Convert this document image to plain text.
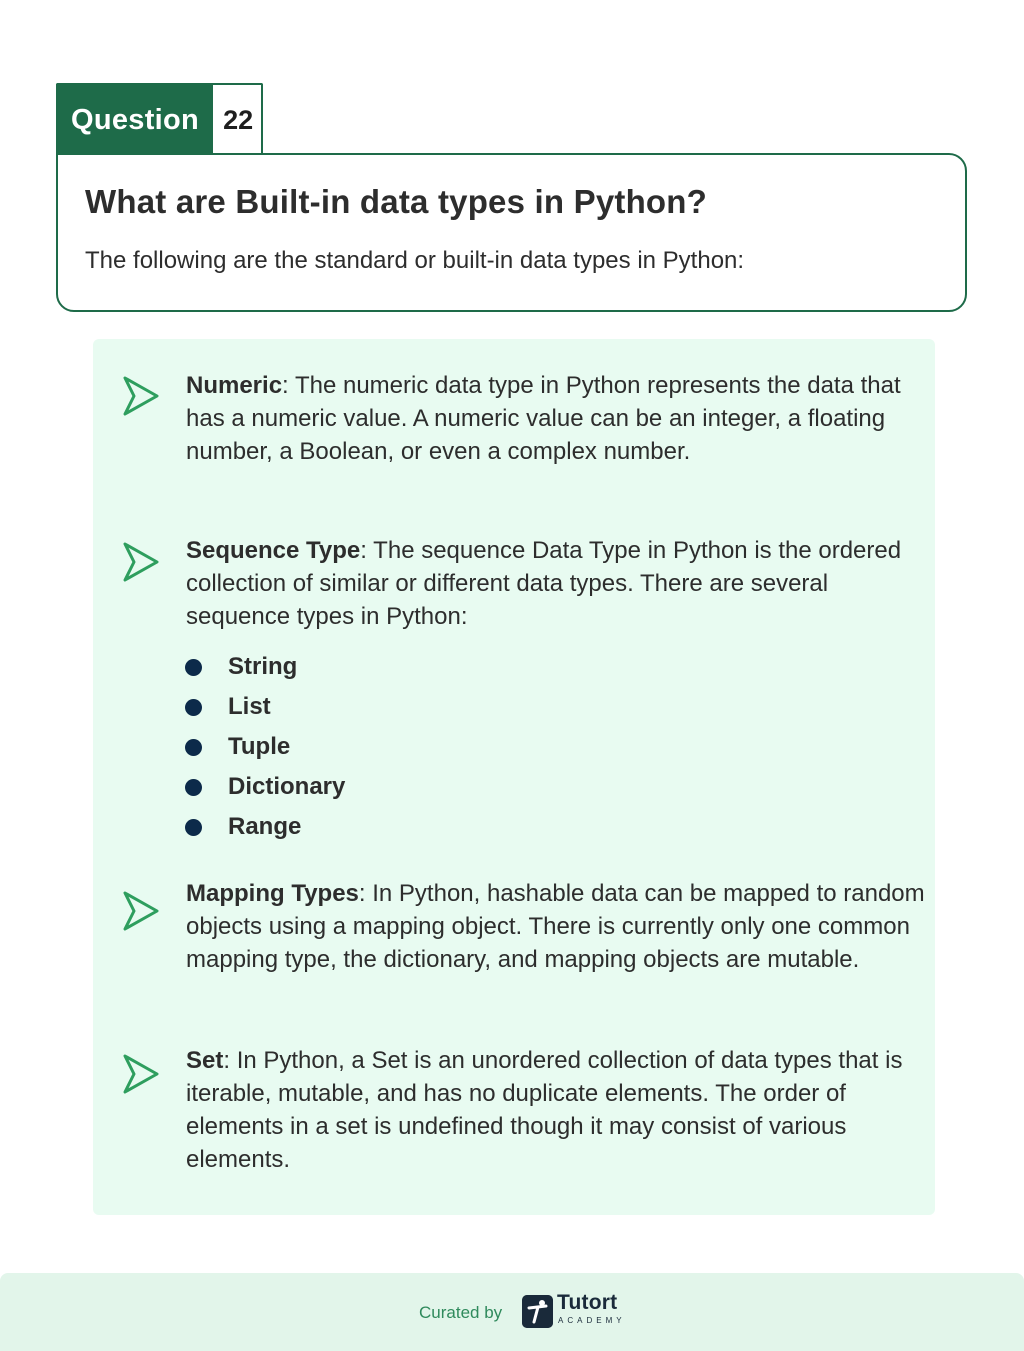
Question 22
What are Built-in data types in Python?
The following are the standard or built-in data types in Python:
Numeric: The numeric data type in Python represents the data that has a numeric value. A numeric value can be an integer, a floating number, a Boolean, or even a complex number.
Sequence Type: The sequence Data Type in Python is the ordered collection of similar or different data types. There are several sequence types in Python:
String
List
Tuple
Dictionary
Range
Mapping Types: In Python, hashable data can be mapped to random objects using a mapping object. There is currently only one common mapping type, the dictionary, and mapping objects are mutable.
Set: In Python, a Set is an unordered collection of data types that is iterable, mutable, and has no duplicate elements. The order of elements in a set is undefined though it may consist of various elements.
Curated by	Tutort
ACADEMY
